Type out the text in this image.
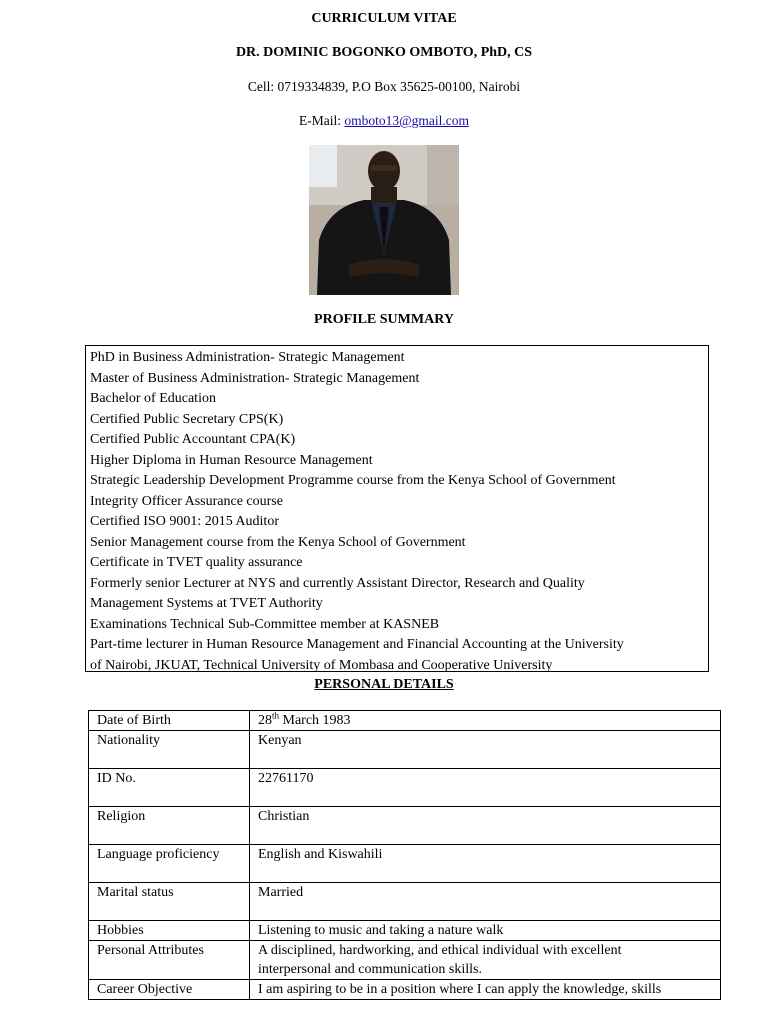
CURRICULUM VITAE
DR. DOMINIC BOGONKO OMBOTO, PhD, CS
Cell: 0719334839, P.O Box 35625-00100, Nairobi
E-Mail: omboto13@gmail.com
PROFILE SUMMARY
PhD in Business Administration- Strategic Management
Master of Business Administration- Strategic Management
Bachelor of Education
Certified Public Secretary CPS(K)
Certified Public Accountant CPA(K)
Higher Diploma in Human Resource Management
Strategic Leadership Development Programme course from the Kenya School of Government
Integrity Officer Assurance course
Certified ISO 9001: 2015 Auditor
Senior Management course from the Kenya School of Government
Certificate in TVET quality assurance
Formerly senior Lecturer at NYS and currently Assistant Director, Research and Quality
Management Systems at TVET Authority
Examinations Technical Sub-Committee member at KASNEB
Part-time lecturer in Human Resource Management and Financial Accounting at the University
of Nairobi, JKUAT, Technical University of Mombasa and Cooperative University
PERSONAL DETAILS
Date of Birth	28th March 1983
Nationality	Kenyan
ID No.	22761170
Religion	Christian
Language proficiency	English and Kiswahili
Marital status	Married
Hobbies	Listening to music and taking a nature walk
Personal Attributes	A disciplined, hardworking, and ethical individual with excellent
interpersonal and communication skills.

Career Objective	I am aspiring to be in a position where I can apply the knowledge, skills
